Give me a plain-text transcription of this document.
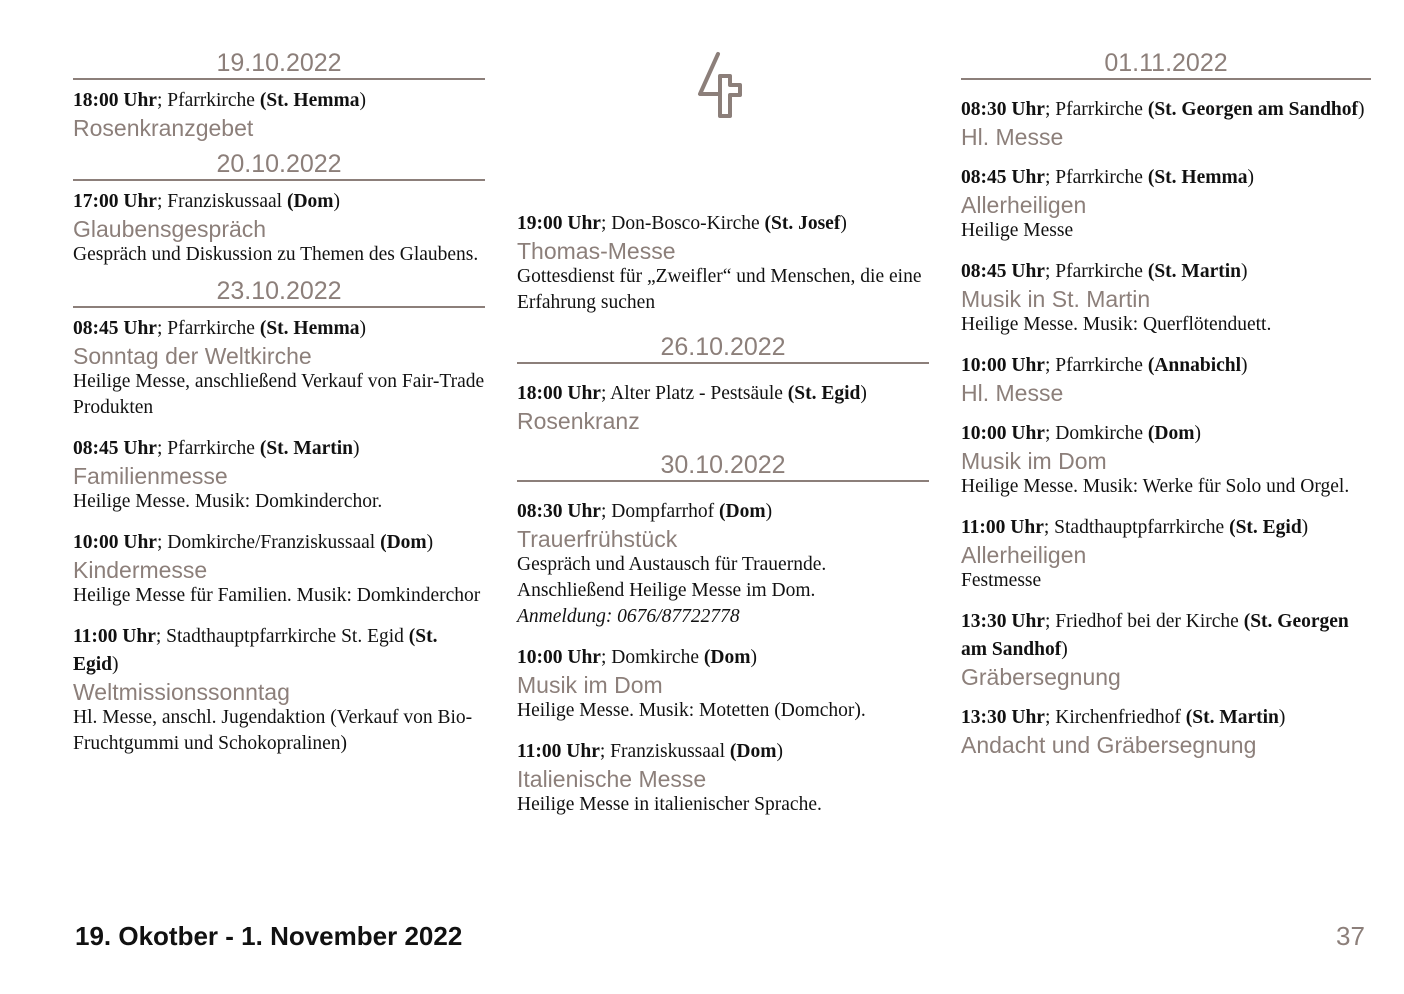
19.10.2022
18:00 Uhr; Pfarrkirche (St. Hemma)
Rosenkranzgebet
20.10.2022
17:00 Uhr; Franziskussaal (Dom)
Glaubensgespräch
Gespräch und Diskussion zu Themen des Glaubens.
23.10.2022
08:45 Uhr; Pfarrkirche (St. Hemma)
Sonntag der Weltkirche
Heilige Messe, anschließend Verkauf von Fair-Trade Produkten
08:45 Uhr; Pfarrkirche (St. Martin)
Familienmesse
Heilige Messe. Musik: Domkinderchor.
10:00 Uhr; Domkirche/Franziskussaal (Dom)
Kindermesse
Heilige Messe für Familien. Musik: Domkinderchor
11:00 Uhr; Stadthauptpfarrkirche St. Egid (St. Egid)
Weltmissionssonntag
Hl. Messe, anschl. Jugendaktion (Verkauf von Bio-Fruchtgummi und Schokopralinen)
19:00 Uhr; Don-Bosco-Kirche (St. Josef)
Thomas-Messe
Gottesdienst für „Zweifler“ und Menschen, die eine Erfahrung suchen
26.10.2022
18:00 Uhr; Alter Platz - Pestsäule (St. Egid)
Rosenkranz
30.10.2022
08:30 Uhr; Dompfarrhof (Dom)
Trauerfrühstück
Gespräch und Austausch für Trauernde. Anschließend Heilige Messe im Dom.
Anmeldung: 0676/87722778
10:00 Uhr; Domkirche (Dom)
Musik im Dom
Heilige Messe. Musik: Motetten (Domchor).
11:00 Uhr; Franziskussaal (Dom)
Italienische Messe
Heilige Messe in italienischer Sprache.
01.11.2022
08:30 Uhr; Pfarrkirche (St. Georgen am Sandhof)
Hl. Messe
08:45 Uhr; Pfarrkirche (St. Hemma)
Allerheiligen
Heilige Messe
08:45 Uhr; Pfarrkirche (St. Martin)
Musik in St. Martin
Heilige Messe. Musik: Querflötenduett.
10:00 Uhr; Pfarrkirche (Annabichl)
Hl. Messe
10:00 Uhr; Domkirche (Dom)
Musik im Dom
Heilige Messe. Musik: Werke für Solo und Orgel.
11:00 Uhr; Stadthauptpfarrkirche (St. Egid)
Allerheiligen
Festmesse
13:30 Uhr; Friedhof bei der Kirche (St. Georgen am Sandhof)
Gräbersegnung
13:30 Uhr; Kirchenfriedhof (St. Martin)
Andacht und Gräbersegnung
19. Okotber - 1. November 2022	37
